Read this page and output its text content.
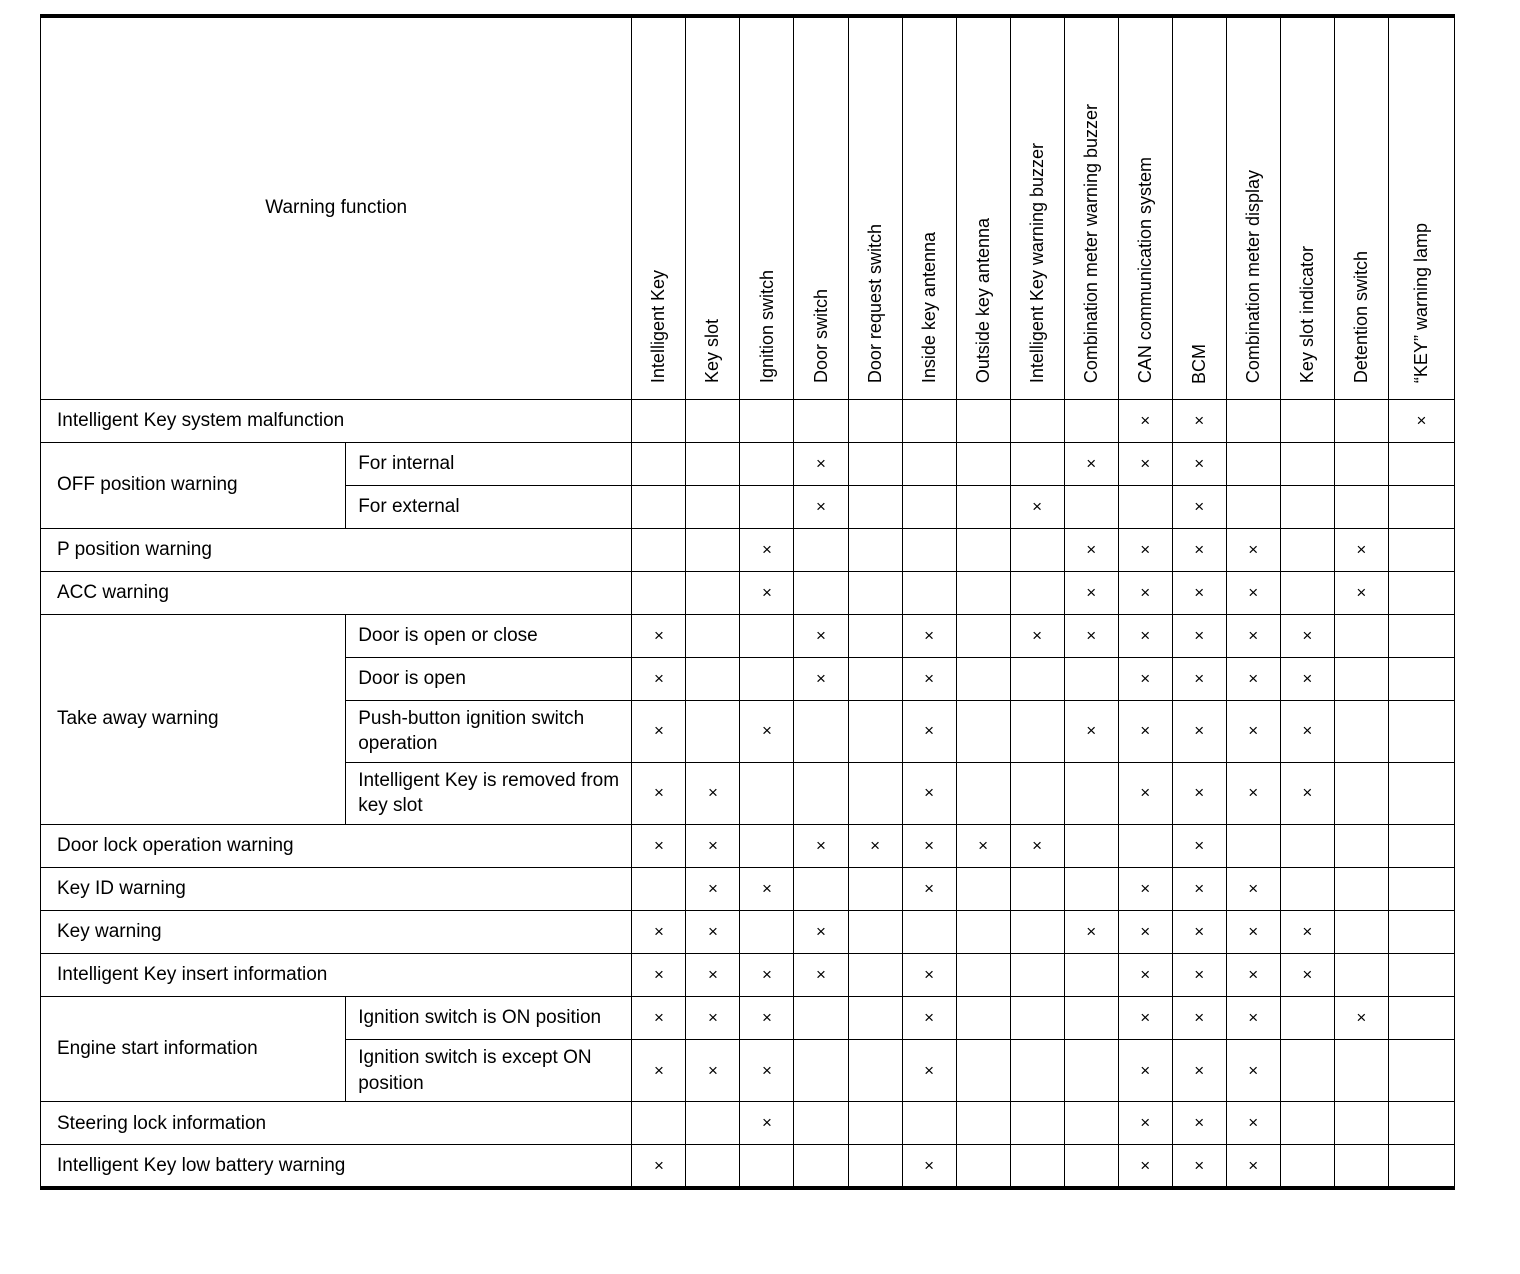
Warning function		Intelligent Key	Key slot	Ignition switch	Door switch	Door request switch	Inside key antenna	Outside key antenna	Intelligent Key warning buzzer	Combination meter warning buzzer	CAN communication system	BCM	Combination meter display	Key slot indicator	Detention switch	“KEY” warning lamp
Intelligent Key system malfunction											×	×				×
OFF position warning	For internal				×					×	×	×				
	For external				×				×			×				
P position warning				×						×	×	×	×		×	
ACC warning				×						×	×	×	×		×	
Take away warning	Door is open or close	×			×		×		×	×	×	×	×	×		
	Door is open	×			×		×				×	×	×	×		
	Push-button ignition switch operation	×		×			×			×	×	×	×	×		
	Intelligent Key is removed from key slot	×	×				×				×	×	×	×		
Door lock operation warning		×	×		×	×	×	×	×			×				
Key ID warning			×	×			×				×	×	×			
Key warning		×	×		×					×	×	×	×	×		
Intelligent Key insert information		×	×	×	×		×				×	×	×	×		
Engine start information	Ignition switch is ON position	×	×	×			×				×	×	×		×	
	Ignition switch is except ON position	×	×	×			×				×	×	×			
Steering lock information				×							×	×	×			
Intelligent Key low battery warning		×					×				×	×	×			
